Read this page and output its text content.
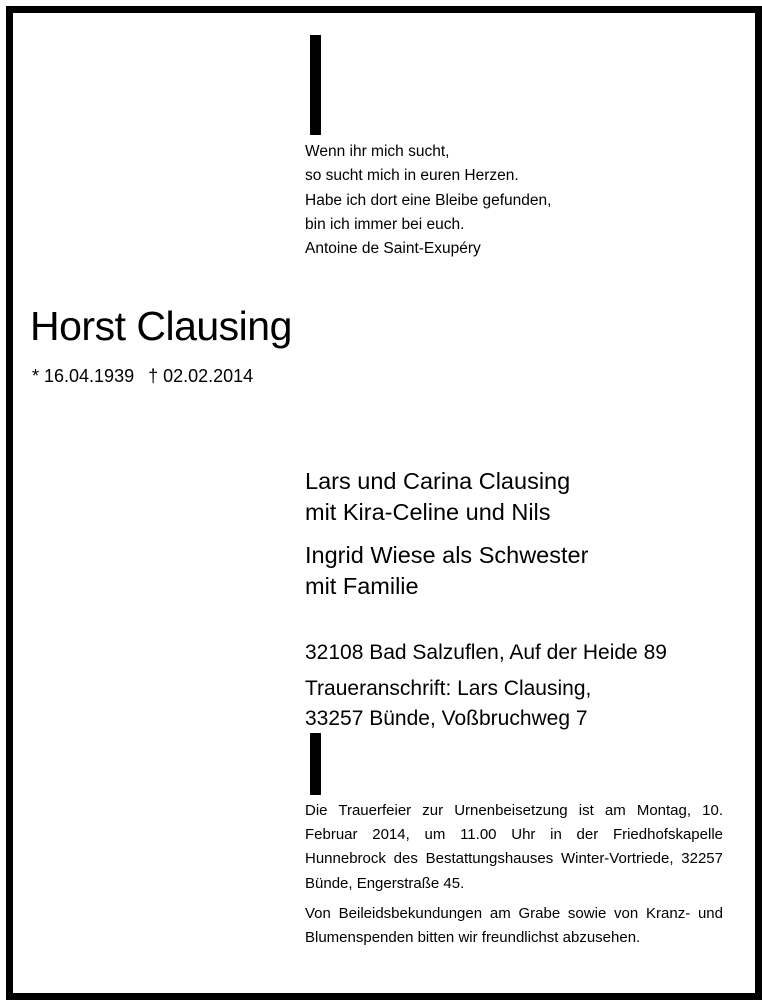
Wenn ihr mich sucht,
so sucht mich in euren Herzen.
Habe ich dort eine Bleibe gefunden,
bin ich immer bei euch.
Antoine de Saint-Exupéry
Horst Clausing
* 16.04.1939 † 02.02.2014
Lars und Carina Clausing
mit Kira-Celine und Nils
Ingrid Wiese als Schwester
mit Familie
32108 Bad Salzuflen, Auf der Heide 89
Traueranschrift: Lars Clausing,
33257 Bünde, Voßbruchweg 7

Die Trauerfeier zur Urnenbeisetzung ist am Montag, 10. Februar 2014, um 11.00 Uhr in der Friedhofskapelle Hunnebrock des Bestattungshauses Winter-Vortriede, 32257 Bünde, Engerstraße 45.

Von Beileidsbekundungen am Grabe sowie von Kranz- und Blumenspenden bitten wir freundlichst abzusehen.
